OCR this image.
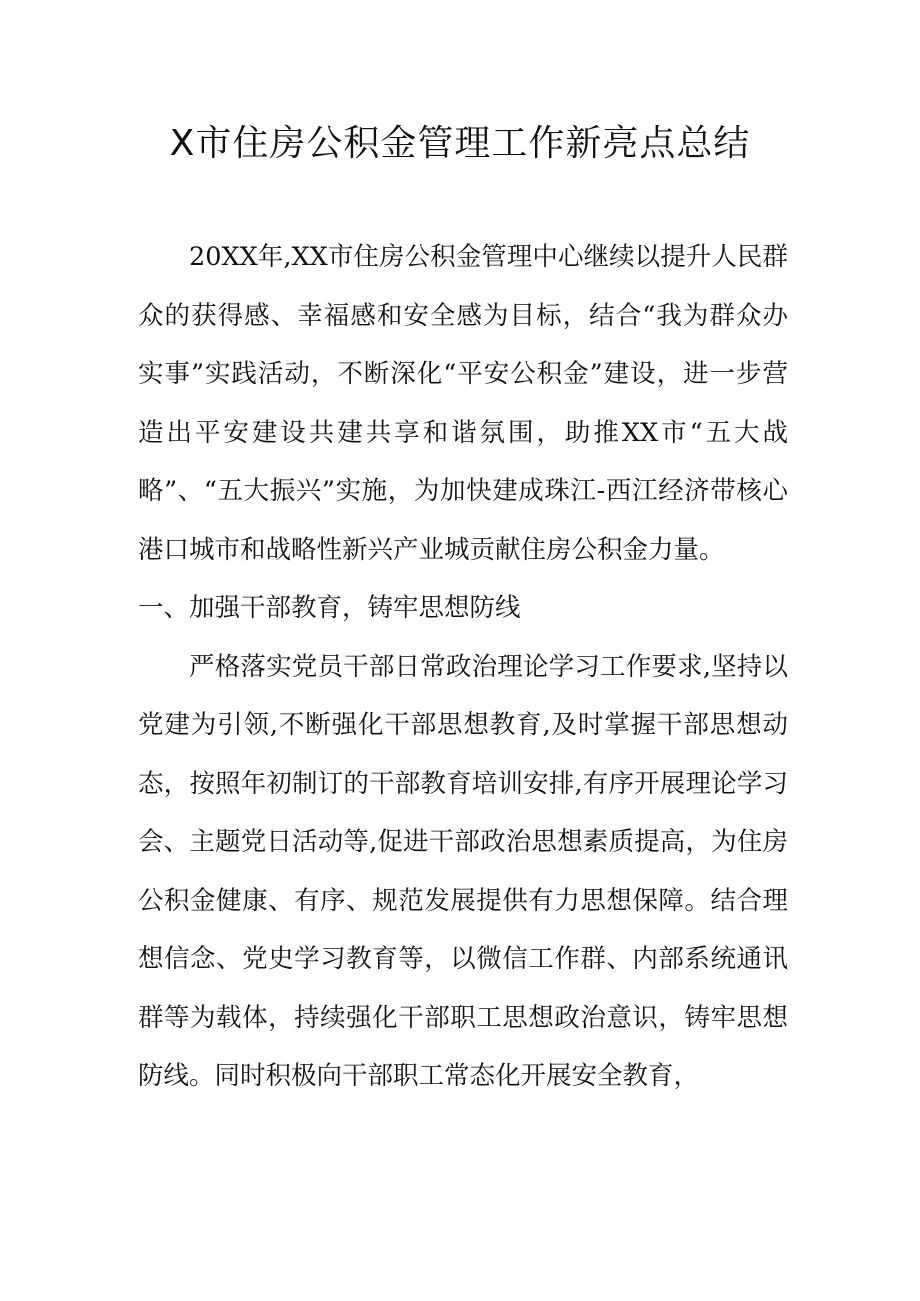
X市住房公积金管理工作新亮点总结

20XX年,XX市住房公积金管理中心继续以提升人民群众的获得感、幸福感和安全感为目标，结合“我为群众办实事”实践活动，不断深化“平安公积金”建设，进一步营造出平安建设共建共享和谐氛围，助推XX市“五大战略”、“五大振兴”实施，为加快建成珠江-西江经济带核心港口城市和战略性新兴产业城贡献住房公积金力量。

一、加强干部教育，铸牢思想防线

严格落实党员干部日常政治理论学习工作要求,坚持以党建为引领,不断强化干部思想教育,及时掌握干部思想动态，按照年初制订的干部教育培训安排,有序开展理论学习会、主题党日活动等,促进干部政治思想素质提高，为住房公积金健康、有序、规范发展提供有力思想保障。结合理想信念、党史学习教育等，以微信工作群、内部系统通讯群等为载体，持续强化干部职工思想政治意识，铸牢思想防线。同时积极向干部职工常态化开展安全教育，
